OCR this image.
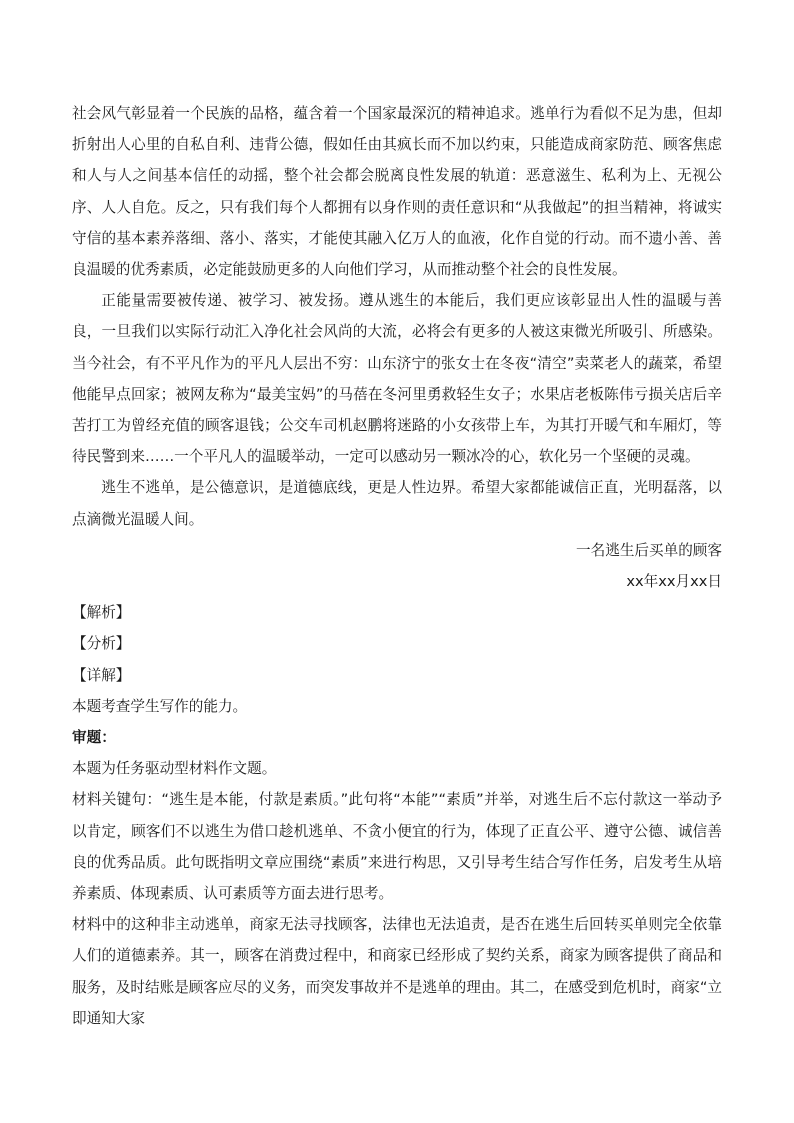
社会风气彰显着一个民族的品格，蕴含着一个国家最深沉的精神追求。逃单行为看似不足为患，但却折射出人心里的自私自利、违背公德，假如任由其疯长而不加以约束，只能造成商家防范、顾客焦虑和人与人之间基本信任的动摇，整个社会都会脱离良性发展的轨道：恶意滋生、私利为上、无视公序、人人自危。反之，只有我们每个人都拥有以身作则的责任意识和“从我做起”的担当精神，将诚实守信的基本素养落细、落小、落实，才能使其融入亿万人的血液，化作自觉的行动。而不遗小善、善良温暖的优秀素质，必定能鼓励更多的人向他们学习，从而推动整个社会的良性发展。

正能量需要被传递、被学习、被发扬。遵从逃生的本能后，我们更应该彰显出人性的温暖与善良，一旦我们以实际行动汇入净化社会风尚的大流，必将会有更多的人被这束微光所吸引、所感染。当今社会，有不平凡作为的平凡人层出不穷：山东济宁的张女士在冬夜“清空”卖菜老人的蔬菜，希望他能早点回家；被网友称为“最美宝妈”的马蓓在冬河里勇救轻生女子；水果店老板陈伟亏损关店后辛苦打工为曾经充值的顾客退钱；公交车司机赵鹏将迷路的小女孩带上车，为其打开暖气和车厢灯，等待民警到来……一个平凡人的温暖举动，一定可以感动另一颗冰冷的心，软化另一个坚硬的灵魂。

逃生不逃单，是公德意识，是道德底线，更是人性边界。希望大家都能诚信正直，光明磊落，以点滴微光温暖人间。

一名逃生后买单的顾客

xx年xx月xx日

【解析】

【分析】

【详解】

本题考查学生写作的能力。

审题：

本题为任务驱动型材料作文题。

材料关键句：“逃生是本能，付款是素质。”此句将“本能”“素质”并举，对逃生后不忘付款这一举动予以肯定，顾客们不以逃生为借口趁机逃单、不贪小便宜的行为，体现了正直公平、遵守公德、诚信善良的优秀品质。此句既指明文章应围绕“素质”来进行构思，又引导考生结合写作任务，启发考生从培养素质、体现素质、认可素质等方面去进行思考。

材料中的这种非主动逃单，商家无法寻找顾客，法律也无法追责，是否在逃生后回转买单则完全依靠人们的道德素养。其一，顾客在消费过程中，和商家已经形成了契约关系，商家为顾客提供了商品和服务，及时结账是顾客应尽的义务，而突发事故并不是逃单的理由。其二，在感受到危机时，商家“立即通知大家
